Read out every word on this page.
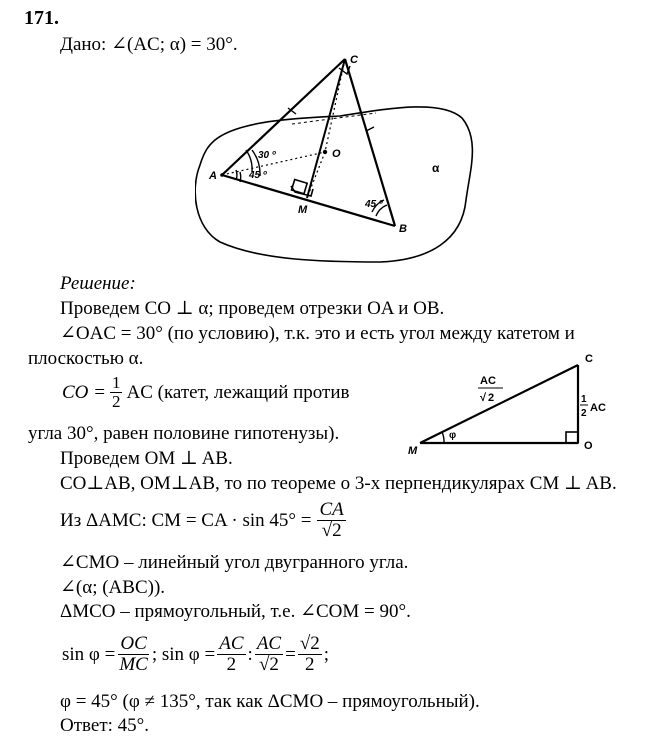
171.
Дано: ∠(AC; α) = 30°.
C
A
B
M
O
α
30 º
45 º
45 º
Решение:
Проведем CO ⊥ α; проведем отрезки OA и OB.
∠OAC = 30° (по условию), т.к. это и есть угол между катетом и
плоскостью α.
CO = $\frac{1}{2}$ AC (катет, лежащий против
M	O
C
φ
AC
√ 2	1
2 AC
угла 30°, равен половине гипотенузы).
Проведем OM ⊥ AB.
CO⊥AB, OM⊥AB, то по теореме о 3-х перпендикулярах CM ⊥ AB.
Из ΔAMC: CM = CA · $\sin 45^\circ = \frac{CA}{√2}$
∠CMO – линейный угол двугранного угла.
∠(α; (ABC)).
ΔMCO – прямоугольный, т.е. ∠COM = 90°.
$\sin \varphi = \frac{OC}{MC}$ ; $\sin \varphi = \frac{AC}{2}$ : $\frac{AC}{√2} = \frac{√2}{2}$ ;
φ = 45° (φ ≠ 135°, так как ΔCMO – прямоугольный).
Ответ: 45°.
